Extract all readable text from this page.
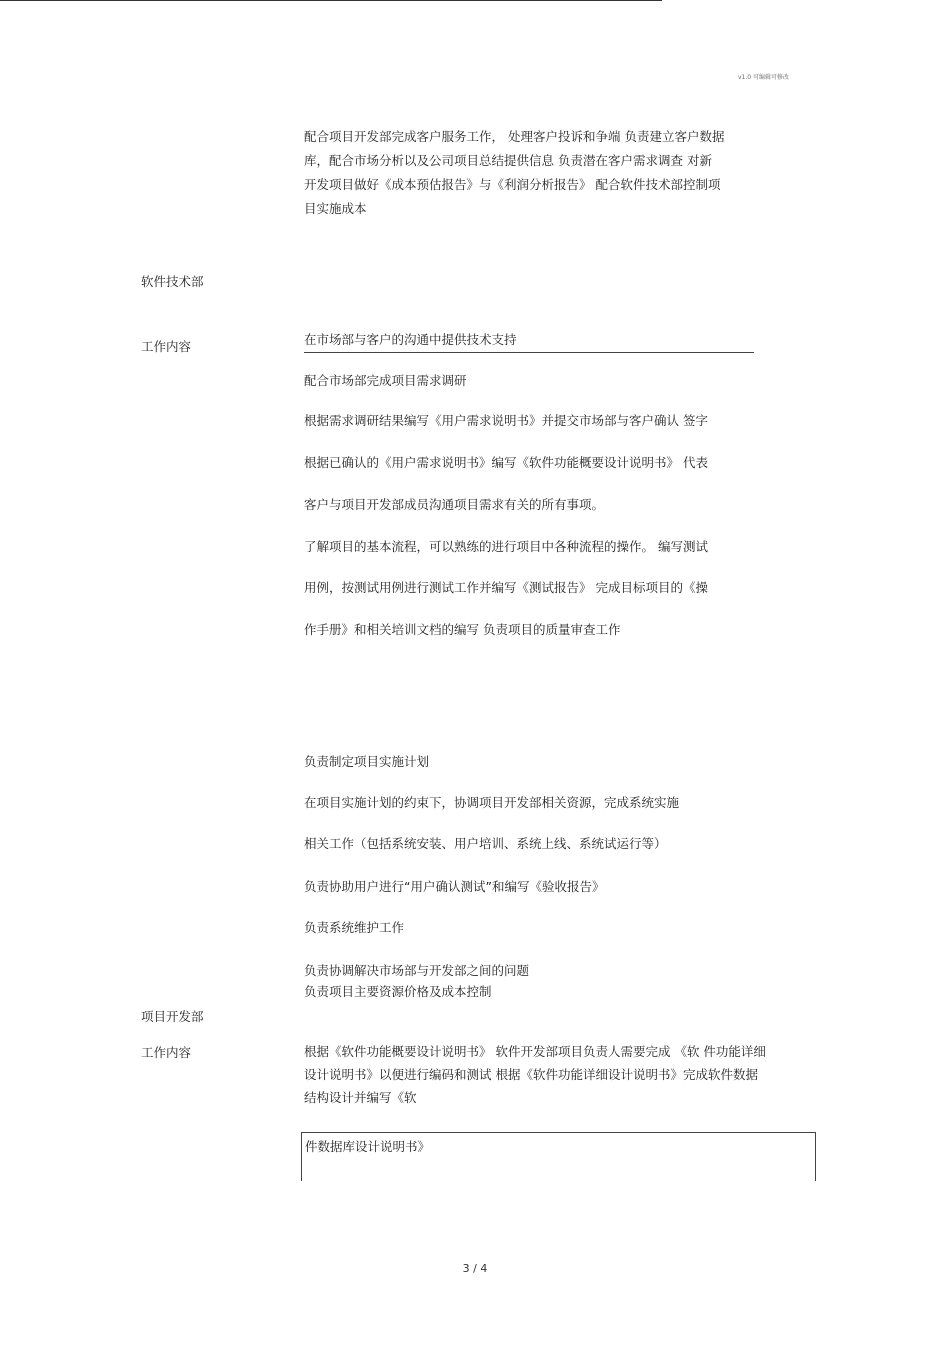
v1.0 可编辑可修改
配合项目开发部完成客户服务工作， 处理客户投诉和争端 负责建立客户数据
库，配合市场分析以及公司项目总结提供信息 负责潜在客户需求调查 对新
开发项目做好《成本预估报告》与《利润分析报告》 配合软件技术部控制项
目实施成本
软件技术部
工作内容	在市场部与客户的沟通中提供技术支持
配合市场部完成项目需求调研
根据需求调研结果编写《用户需求说明书》并提交市场部与客户确认 签字
根据已确认的《用户需求说明书》编写《软件功能概要设计说明书》 代表
客户与项目开发部成员沟通项目需求有关的所有事项。
了解项目的基本流程，可以熟练的进行项目中各种流程的操作。 编写测试
用例，按测试用例进行测试工作并编写《测试报告》 完成目标项目的《操
作手册》和相关培训文档的编写 负责项目的质量审查工作
负责制定项目实施计划
在项目实施计划的约束下，协调项目开发部相关资源，完成系统实施
相关工作（包括系统安装、用户培训、系统上线、系统试运行等）
负责协助用户进行“用户确认测试”和编写《验收报告》
负责系统维护工作
负责协调解决市场部与开发部之间的问题
负责项目主要资源价格及成本控制
项目开发部
工作内容	根据《软件功能概要设计说明书》 软件开发部项目负责人需要完成 《软 件功能详细
设计说明书》以便进行编码和测试 根据《软件功能详细设计说明书》完成软件数据
结构设计并编写《软
件数据库设计说明书》
3 / 4
